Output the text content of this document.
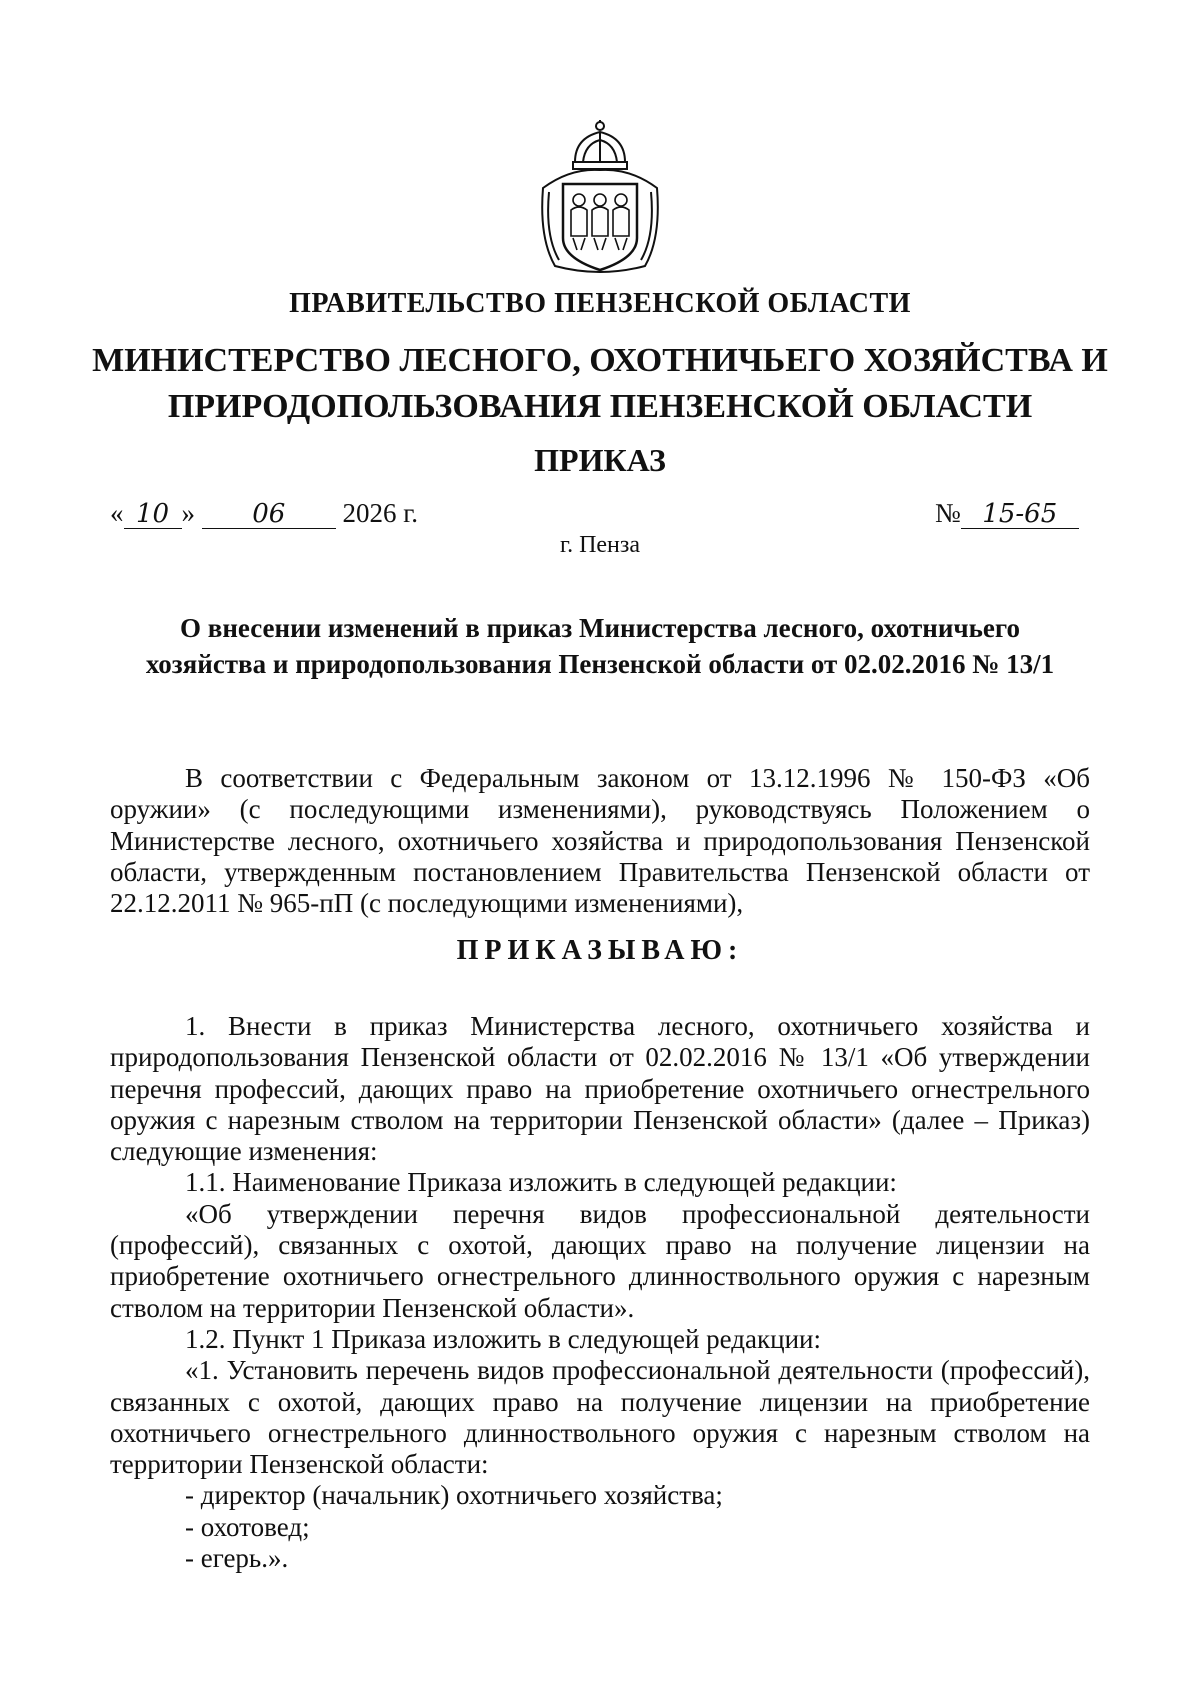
ПРАВИТЕЛЬСТВО ПЕНЗЕНСКОЙ ОБЛАСТИ
МИНИСТЕРСТВО ЛЕСНОГО, ОХОТНИЧЬЕГО ХОЗЯЙСТВА И
ПРИРОДОПОЛЬЗОВАНИЯ ПЕНЗЕНСКОЙ ОБЛАСТИ
ПРИКАЗ
« 10 » 06 2026 г.	№ 15-65
г. Пенза
О внесении изменений в приказ Министерства лесного, охотничьего
хозяйства и природопользования Пензенской области от 02.02.2016 № 13/1

В соответствии с Федеральным законом от 13.12.1996 № 150-ФЗ «Об оружии» (с последующими изменениями), руководствуясь Положением о Министерстве лесного, охотничьего хозяйства и природопользования Пензенской области, утвержденным постановлением Правительства Пензенской области от 22.12.2011 № 965-пП (с последующими изменениями),

ПРИКАЗЫВАЮ:

1. Внести в приказ Министерства лесного, охотничьего хозяйства и природопользования Пензенской области от 02.02.2016 № 13/1 «Об утверждении перечня профессий, дающих право на приобретение охотничьего огнестрельного оружия с нарезным стволом на территории Пензенской области» (далее – Приказ) следующие изменения:

1.1. Наименование Приказа изложить в следующей редакции:

«Об утверждении перечня видов профессиональной деятельности (профессий), связанных с охотой, дающих право на получение лицензии на приобретение охотничьего огнестрельного длинноствольного оружия с нарезным стволом на территории Пензенской области».

1.2. Пункт 1 Приказа изложить в следующей редакции:

«1. Установить перечень видов профессиональной деятельности (профессий), связанных с охотой, дающих право на получение лицензии на приобретение охотничьего огнестрельного длинноствольного оружия с нарезным стволом на территории Пензенской области:

- директор (начальник) охотничьего хозяйства;

- охотовед;

- егерь.».
